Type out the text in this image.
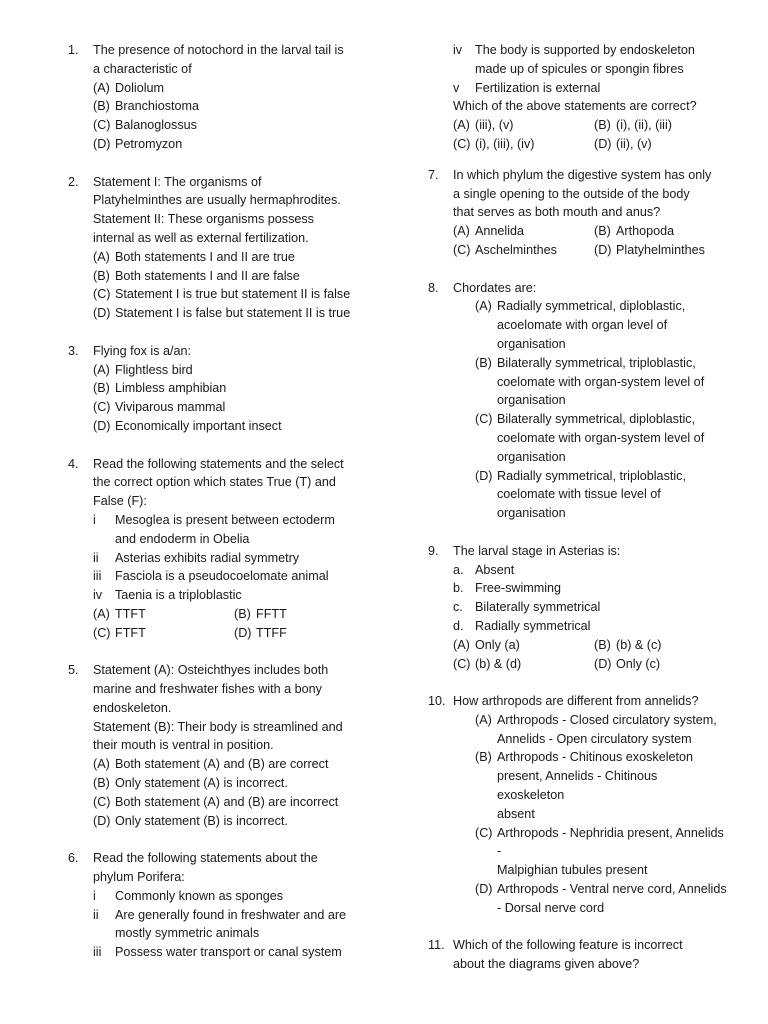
1. The presence of notochord in the larval tail is
a characteristic of
(A) Doliolum
(B) Branchiostoma
(C) Balanoglossus
(D) Petromyzon
2. Statement I: The organisms of
Platyhelminthes are usually hermaphrodites.
Statement II: These organisms possess
internal as well as external fertilization.
(A) Both statements I and II are true
(B) Both statements I and II are false
(C) Statement I is true but statement II is false
(D) Statement I is false but statement II is true
3. Flying fox is a/an:
(A) Flightless bird
(B) Limbless amphibian
(C) Viviparous mammal
(D) Economically important insect
4. Read the following statements and the select
the correct option which states True (T) and
False (F):
i	Mesoglea is present between ectoderm
and endoderm in Obelia
ii	Asterias exhibits radial symmetry
iii	Fasciola is a pseudocoelomate animal
iv	Taenia is a triploblastic
(A) TTFT	(B) FFTT
(C) FTFT	(D) TTFF
5. Statement (A): Osteichthyes includes both
marine and freshwater fishes with a bony
endoskeleton.
Statement (B): Their body is streamlined and
their mouth is ventral in position.
(A) Both statement (A) and (B) are correct
(B) Only statement (A) is incorrect.
(C) Both statement (A) and (B) are incorrect
(D) Only statement (B) is incorrect.
6. Read the following statements about the
phylum Porifera:
i	Commonly known as sponges
ii	Are generally found in freshwater and are
mostly symmetric animals
iii	Possess water transport or canal system
iv	The body is supported by endoskeleton
made up of spicules or spongin fibres
v	Fertilization is external
Which of the above statements are correct?
(A) (iii), (v)	(B) (i), (ii), (iii)
(C) (i), (iii), (iv)	(D) (ii), (v)
7. In which phylum the digestive system has only
a single opening to the outside of the body
that serves as both mouth and anus?
(A) Annelida	(B) Arthopoda
(C) Aschelminthes	(D) Platyhelminthes
8. Chordates are:
(A) Radially symmetrical, diploblastic,
acoelomate with organ level of
organisation
(B) Bilaterally symmetrical, triploblastic,
coelomate with organ-system level of
organisation
(C) Bilaterally symmetrical, diploblastic,
coelomate with organ-system level of
organisation
(D) Radially symmetrical, triploblastic,
coelomate with tissue level of
organisation
9. The larval stage in Asterias is:
a. Absent
b. Free-swimming
c. Bilaterally symmetrical
d. Radially symmetrical
(A) Only (a)	(B) (b) & (c)
(C) (b) & (d)	(D) Only (c)
10. How arthropods are different from annelids?
(A) Arthropods - Closed circulatory system,
Annelids - Open circulatory system
(B) Arthropods - Chitinous exoskeleton
present, Annelids - Chitinous exoskeleton
absent
(C) Arthropods - Nephridia present, Annelids -
Malpighian tubules present
(D) Arthropods - Ventral nerve cord, Annelids
- Dorsal nerve cord
11. Which of the following feature is incorrect
about the diagrams given above?
